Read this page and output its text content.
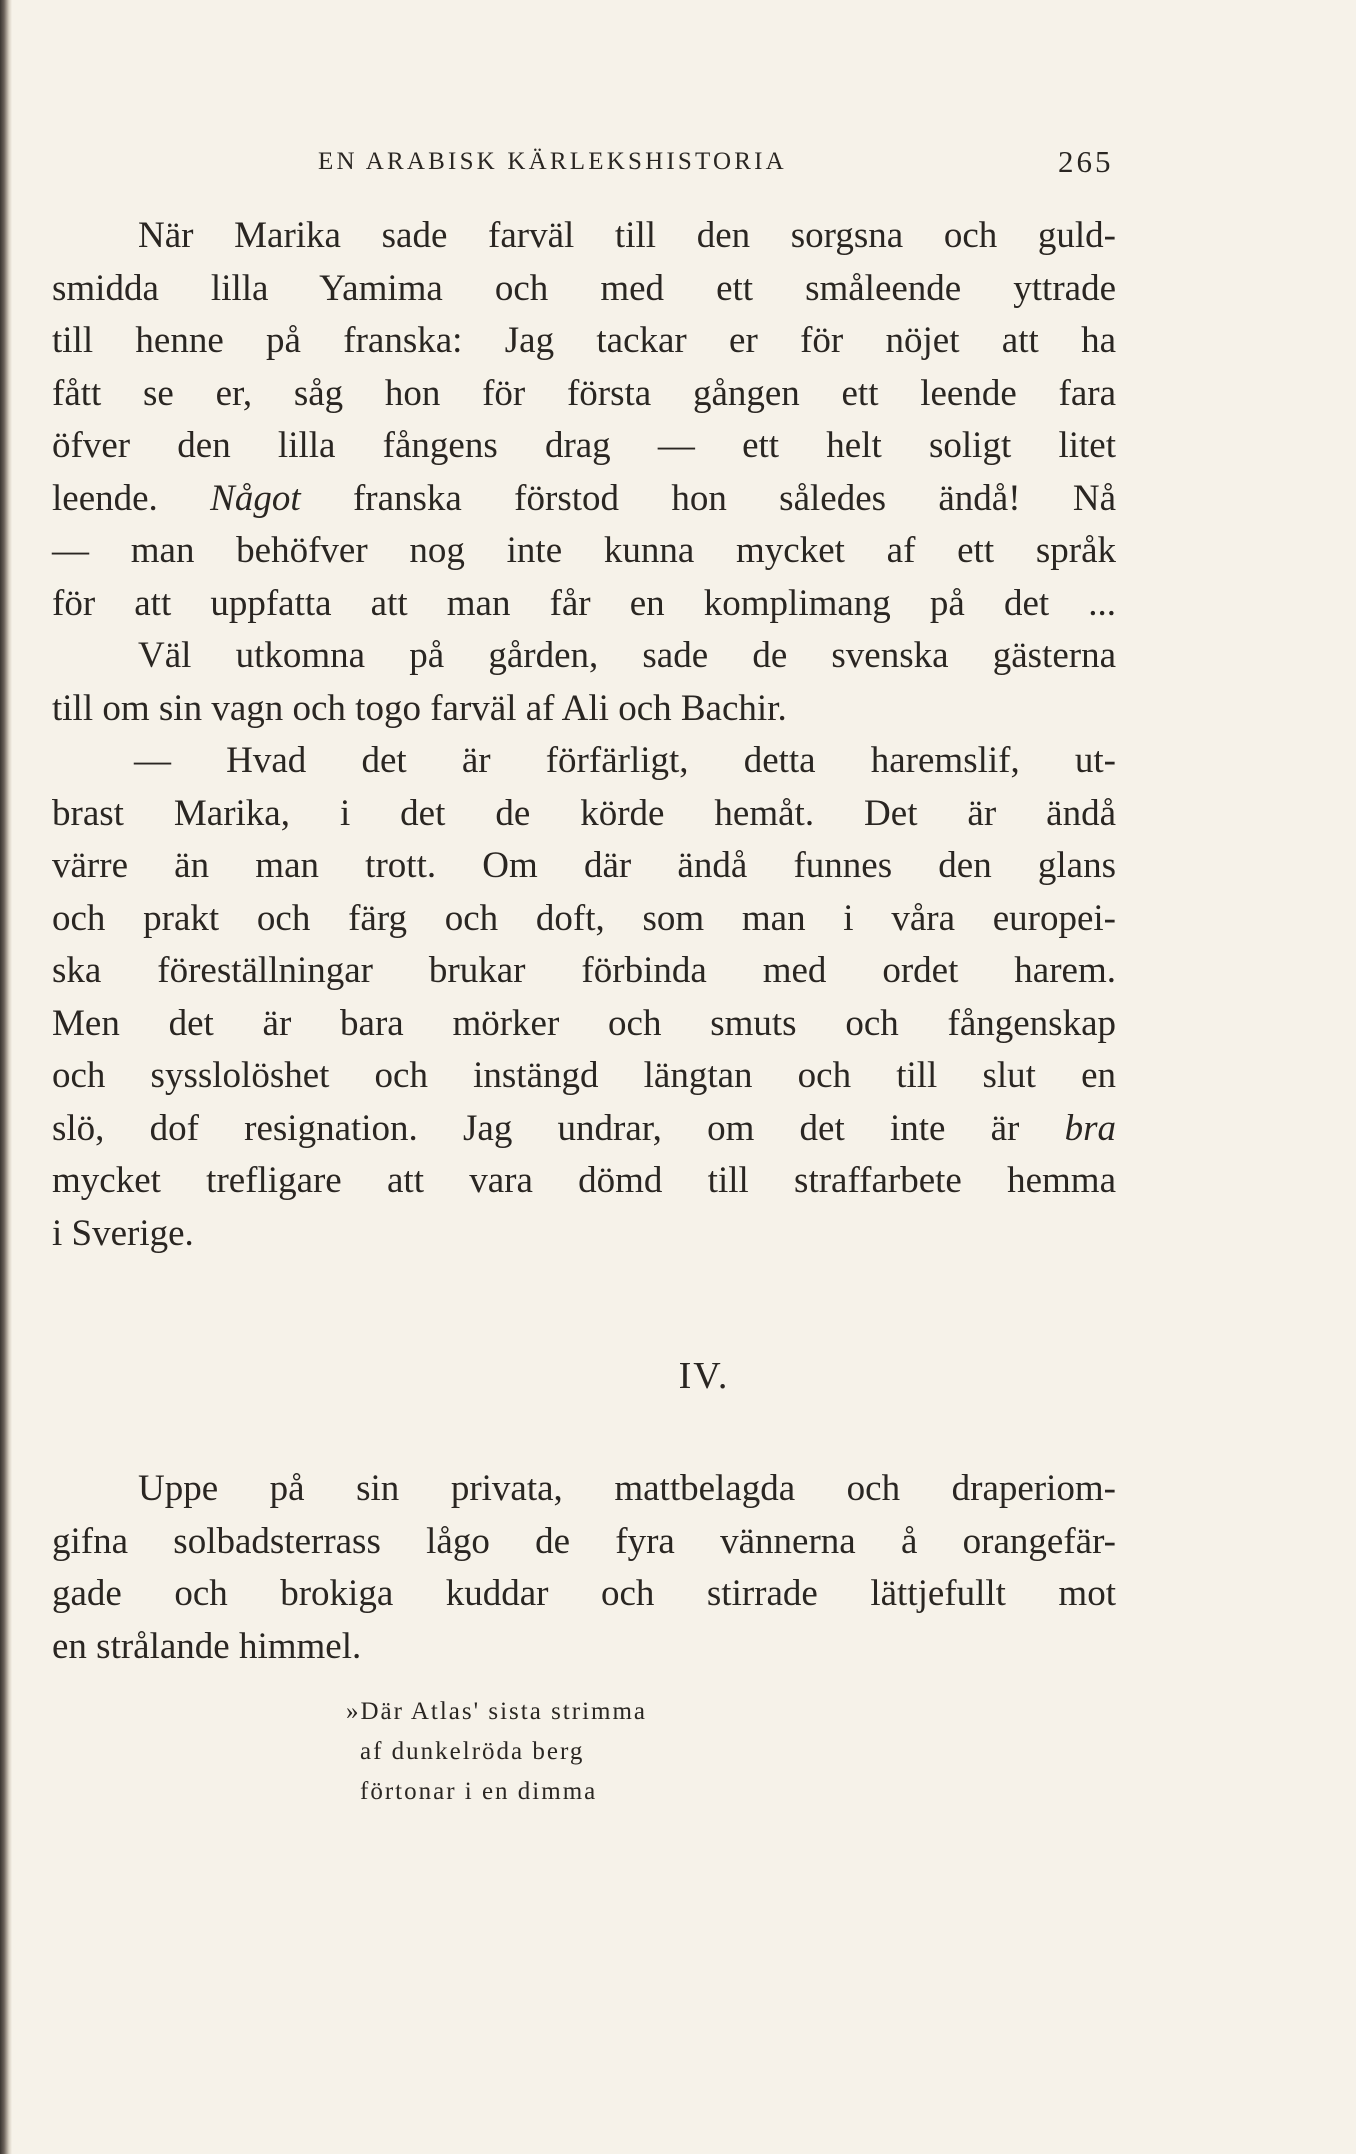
EN ARABISK KÄRLEKSHISTORIA	265
När Marika sade farväl till den sorgsna och guld-
smidda lilla Yamima och med ett småleende yttrade
till henne på franska: Jag tackar er för nöjet att ha
fått se er, såg hon för första gången ett leende fara
öfver den lilla fångens drag — ett helt soligt litet
leende. Något franska förstod hon således ändå! Nå
— man behöfver nog inte kunna mycket af ett språk
för att uppfatta att man får en komplimang på det ...
Väl utkomna på gården, sade de svenska gästerna
till om sin vagn och togo farväl af Ali och Bachir.
— Hvad det är förfärligt, detta haremslif, ut-
brast Marika, i det de körde hemåt. Det är ändå
värre än man trott. Om där ändå funnes den glans
och prakt och färg och doft, som man i våra europei-
ska föreställningar brukar förbinda med ordet harem.
Men det är bara mörker och smuts och fångenskap
och sysslolöshet och instängd längtan och till slut en
slö, dof resignation. Jag undrar, om det inte är bra
mycket trefligare att vara dömd till straffarbete hemma
i Sverige.
IV.
Uppe på sin privata, mattbelagda och draperiom-
gifna solbadsterrass lågo de fyra vännerna å orangefär-
gade och brokiga kuddar och stirrade lättjefullt mot
en strålande himmel.
»Där Atlas' sista strimma
af dunkelröda berg
förtonar i en dimma
